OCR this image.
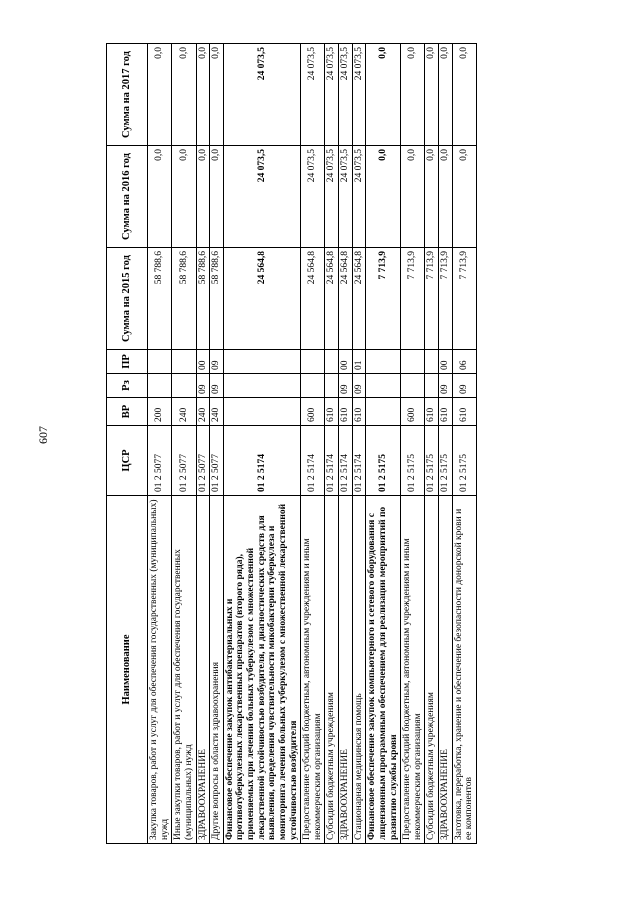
607
Наименование	ЦСР	ВР	Рз	ПР	Сумма на 2015 год	Сумма на 2016 год	Сумма на 2017 год
Закупка товаров, работ и услуг для обеспечения государственных (муниципальных) нужд	01 2 5077	200			58 788,6	0,0	0,0
Иные закупки товаров, работ и услуг для обеспечения государственных (муниципальных) нужд	01 2 5077	240			58 788,6	0,0	0,0
ЗДРАВООХРАНЕНИЕ	01 2 5077	240	09	00	58 788,6	0,0	0,0
Другие вопросы в области здравоохранения	01 2 5077	240	09	09	58 788,6	0,0	0,0
Финансовое обеспечение закупок антибактериальных и противотуберкулезных лекарственных препаратов (второго ряда), применяемых при лечении больных туберкулезом с множественной лекарственной устойчивостью возбудителя, и диагностических средств для выявления, определения чувствительности микобактерии туберкулеза и мониторинга лечения больных туберкулезом с множественной лекарственной устойчивостью возбудителя	01 2 5174				24 564,8	24 073,5	24 073,5
Предоставление субсидий бюджетным, автономным учреждениям и иным некоммерческим организациям	01 2 5174	600			24 564,8	24 073,5	24 073,5
Субсидии бюджетным учреждениям	01 2 5174	610			24 564,8	24 073,5	24 073,5
ЗДРАВООХРАНЕНИЕ	01 2 5174	610	09	00	24 564,8	24 073,5	24 073,5
Стационарная медицинская помощь	01 2 5174	610	09	01	24 564,8	24 073,5	24 073,5
Финансовое обеспечение закупок компьютерного и сетевого оборудования с лицензионным программным обеспечением для реализации мероприятий по развитию службы крови	01 2 5175				7 713,9	0,0	0,0
Предоставление субсидий бюджетным, автономным учреждениям и иным некоммерческим организациям	01 2 5175	600			7 713,9	0,0	0,0
Субсидии бюджетным учреждениям	01 2 5175	610			7 713,9	0,0	0,0
ЗДРАВООХРАНЕНИЕ	01 2 5175	610	09	00	7 713,9	0,0	0,0
Заготовка, переработка, хранение и обеспечение безопасности донорской крови и ее компонентов	01 2 5175	610	09	06	7 713,9	0,0	0,0
